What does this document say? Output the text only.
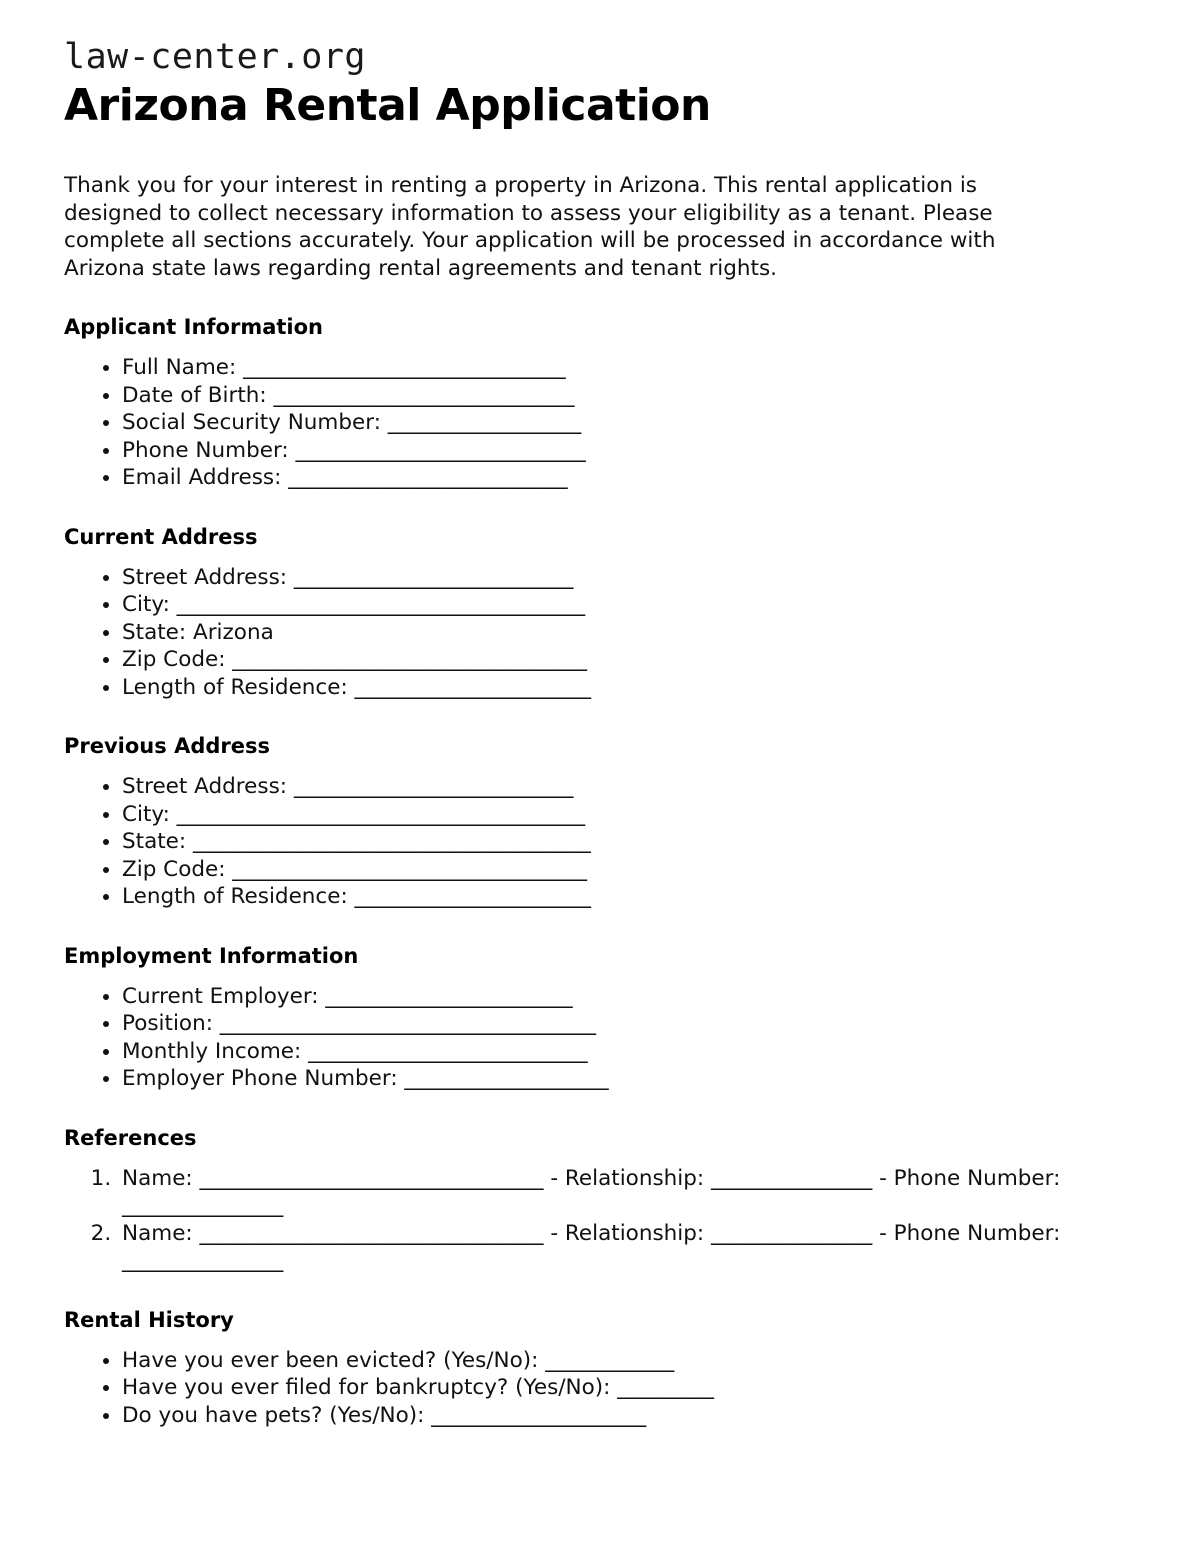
law-center.org
Arizona Rental Application

Thank you for your interest in renting a property in Arizona. This rental application is designed to collect necessary information to assess your eligibility as a tenant. Please complete all sections accurately. Your application will be processed in accordance with Arizona state laws regarding rental agreements and tenant rights.

Applicant Information
• Full Name: ______________________________
• Date of Birth: ____________________________
• Social Security Number: __________________
• Phone Number: ___________________________
• Email Address: __________________________
Current Address
• Street Address: __________________________
• City: ______________________________________
• State: Arizona
• Zip Code: _________________________________
• Length of Residence: ______________________
Previous Address
• Street Address: __________________________
• City: ______________________________________
• State: _____________________________________
• Zip Code: _________________________________
• Length of Residence: ______________________
Employment Information
• Current Employer: _______________________
• Position: ___________________________________
• Monthly Income: __________________________
• Employer Phone Number: ___________________
References
1. Name: ________________________________ - Relationship: _______________ - Phone Number: _______________
2. Name: ________________________________ - Relationship: _______________ - Phone Number: _______________
Rental History
• Have you ever been evicted? (Yes/No): ____________
• Have you ever filed for bankruptcy? (Yes/No): _________
• Do you have pets? (Yes/No): ____________________
